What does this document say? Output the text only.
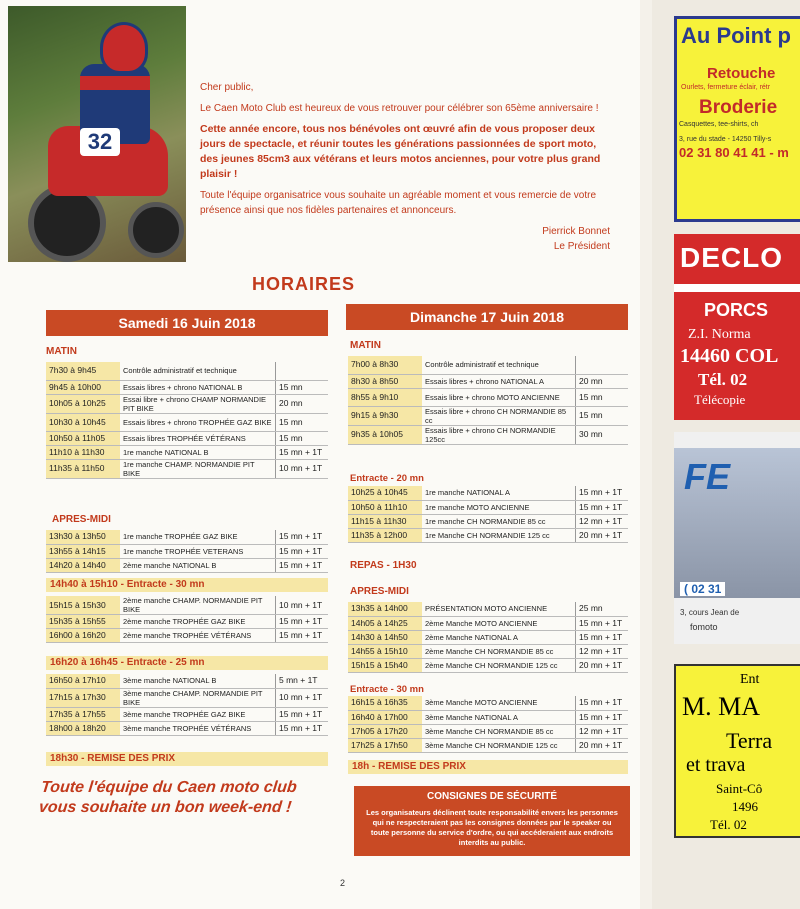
32

Cher public,

Le Caen Moto Club est heureux de vous retrouver pour célébrer son 65ème anniversaire !

Cette année encore, tous nos bénévoles ont œuvré afin de vous proposer deux jours de spectacle, et réunir toutes les générations passionnées de sport moto, des jeunes 85cm3 aux vétérans et leurs motos anciennes, pour votre plus grand plaisir !

Toute l'équipe organisatrice vous souhaite un agréable moment et vous remercie de votre présence ainsi que nos fidèles partenaires et annonceurs.

Pierrick Bonnet
Le Président
HORAIRES
Samedi 16 Juin 2018
MATIN
7h30 à 9h45	Contrôle administratif et technique	
9h45 à 10h00	Essais libres + chrono NATIONAL B	15 mn
10h05 à 10h25	Essai libre + chrono CHAMP NORMANDIE PIT BIKE	20 mn
10h30 à 10h45	Essais libres + chrono TROPHÉE GAZ BIKE	15 mn
10h50 à 11h05	Essais libres TROPHÉE VÉTÉRANS	15 mn
11h10 à 11h30	1re manche NATIONAL B	15 mn + 1T
11h35 à 11h50	1re manche CHAMP. NORMANDIE PIT BIKE	10 mn + 1T
APRES-MIDI
13h30 à 13h50	1re manche TROPHÉE GAZ BIKE	15 mn + 1T
13h55 à 14h15	1re manche TROPHÉE VETERANS	15 mn + 1T
14h20 à 14h40	2ème manche NATIONAL B	15 mn + 1T
14h40 à 15h10 - Entracte - 30 mn
15h15 à 15h30	2ème manche CHAMP. NORMANDIE PIT BIKE	10 mn + 1T
15h35 à 15h55	2ème manche TROPHÉE GAZ BIKE	15 mn + 1T
16h00 à 16h20	2ème manche TROPHÉE VÉTÉRANS	15 mn + 1T
16h20 à 16h45 - Entracte - 25 mn
16h50 à 17h10	3ème manche NATIONAL B	5 mn + 1T
17h15 à 17h30	3ème manche CHAMP. NORMANDIE PIT BIKE	10 mn + 1T
17h35 à 17h55	3ème manche TROPHÉE GAZ BIKE	15 mn + 1T
18h00 à 18h20	3ème manche TROPHÉE VÉTÉRANS	15 mn + 1T
18h30 - REMISE DES PRIX
Dimanche 17 Juin 2018
MATIN
7h00 à 8h30	Contrôle administratif et technique	
8h30 à 8h50	Essais libres + chrono NATIONAL A	20 mn
8h55 à 9h10	Essais libre + chrono MOTO ANCIENNE	15 mn
9h15 à 9h30	Essais libre + chrono CH NORMANDIE 85 cc	15 mn
9h35 à 10h05	Essais libre + chrono CH NORMANDIE 125cc	30 mn
Entracte - 20 mn
10h25 à 10h45	1re manche NATIONAL A	15 mn + 1T
10h50 à 11h10	1re manche MOTO ANCIENNE	15 mn + 1T
11h15 à 11h30	1re manche CH NORMANDIE 85 cc	12 mn + 1T
11h35 à 12h00	1re Manche CH NORMANDIE 125 cc	20 mn + 1T
REPAS - 1H30
APRES-MIDI
13h35 à 14h00	PRÉSENTATION MOTO ANCIENNE	25 mn
14h05 à 14h25	2ème Manche MOTO ANCIENNE	15 mn + 1T
14h30 à 14h50	2ème Manche NATIONAL A	15 mn + 1T
14h55 à 15h10	2ème Manche CH NORMANDIE 85 cc	12 mn + 1T
15h15 à 15h40	2ème Manche CH NORMANDIE 125 cc	20 mn + 1T
Entracte - 30 mn
16h15 à 16h35	3ème Manche MOTO ANCIENNE	15 mn + 1T
16h40 à 17h00	3ème Manche NATIONAL A	15 mn + 1T
17h05 à 17h20	3ème Manche CH NORMANDIE 85 cc	12 mn + 1T
17h25 à 17h50	3ème Manche CH NORMANDIE 125 cc	20 mn + 1T
18h - REMISE DES PRIX
Toute l'équipe du Caen moto club
vous souhaite un bon week-end !
CONSIGNES DE SÉCURITÉ
Les organisateurs déclinent toute responsabilité envers les personnes qui ne respecteraient pas les consignes données par le speaker ou toute personne du service d'ordre, ou qui accéderaient aux endroits interdits au public.
2
Au Point p
Retouche
Ourlets, fermeture éclair, rétr
Broderie
Casquettes, tee-shirts, ch
3, rue du stade - 14250 Tilly-s
02 31 80 41 41 - m
DECLO
PORCS
Z.I. Norma
14460 COL
Tél. 02
Télécopie
FE
( 02 31
3, cours Jean de
fomoto
Ent
M. MA
Terra
et trava
Saint-Cô
1496
Tél. 02
